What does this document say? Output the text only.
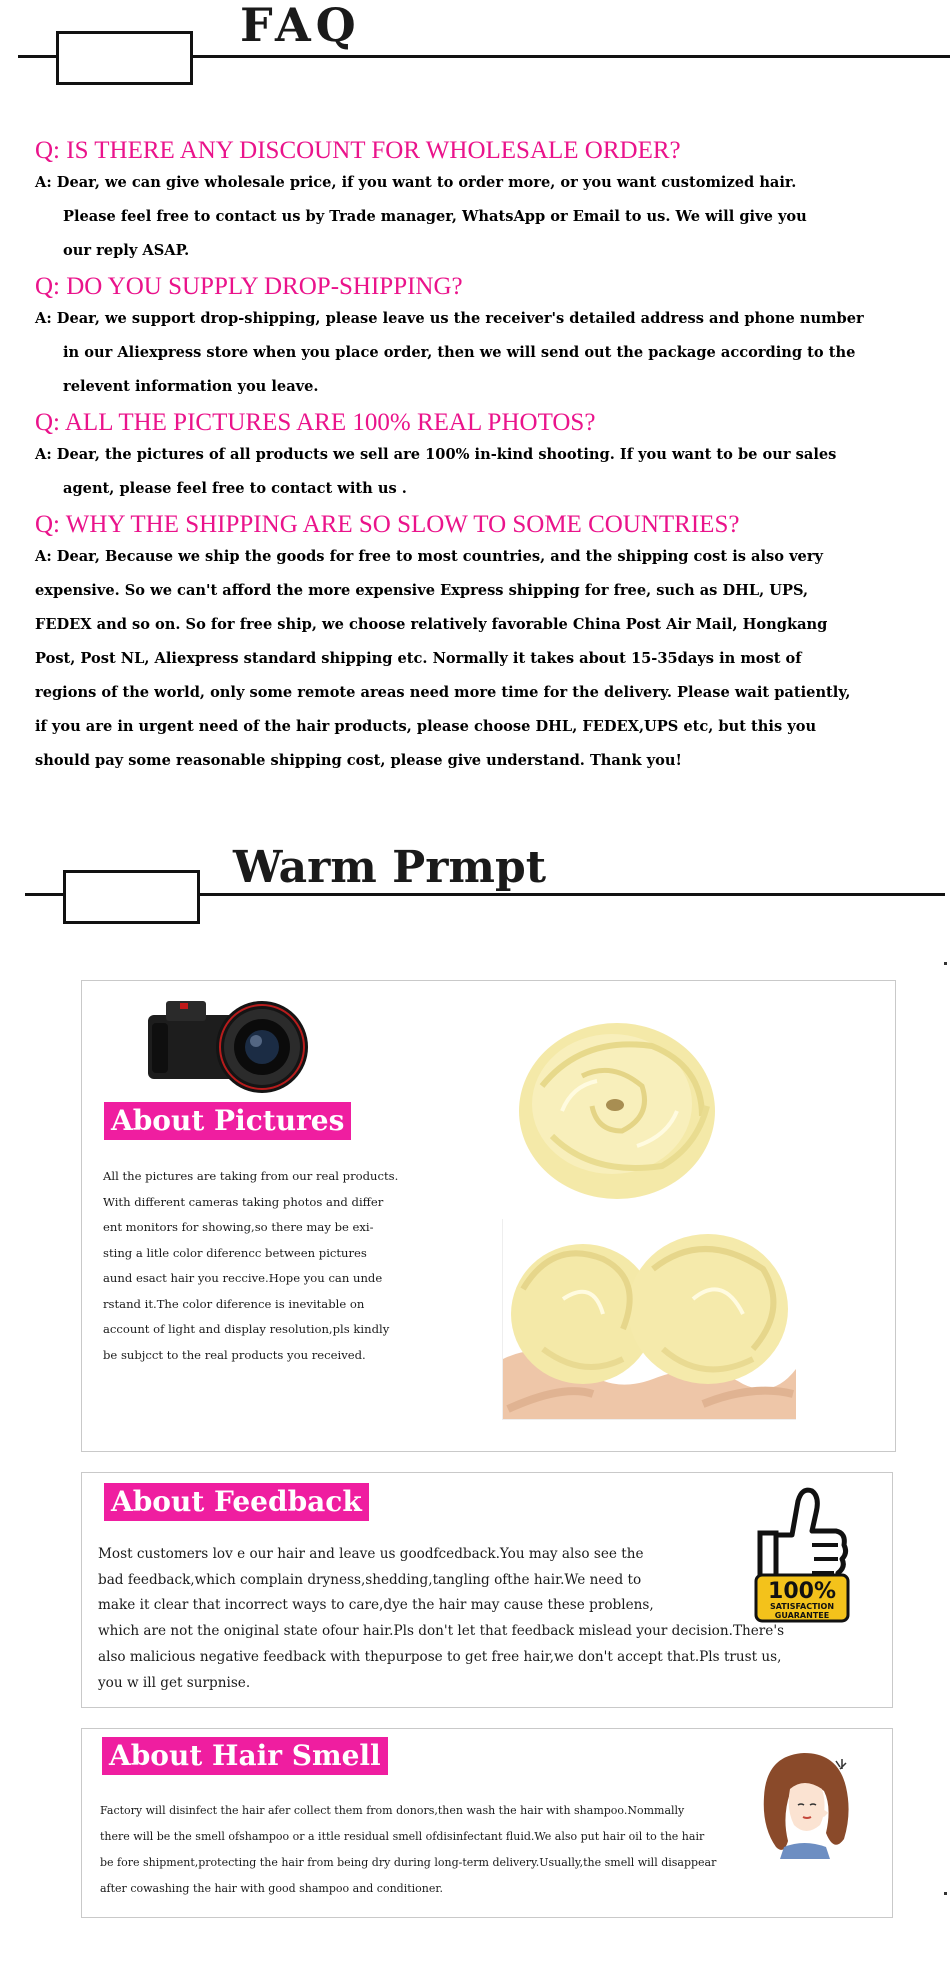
FAQ
Q: IS THERE ANY DISCOUNT FOR WHOLESALE ORDER?
A: Dear, we can give wholesale price, if you want to order more, or you want customized hair.
Please feel free to contact us by Trade manager, WhatsApp or Email to us. We will give you
our reply ASAP.
Q: DO YOU SUPPLY DROP-SHIPPING?
A: Dear, we support drop-shipping, please leave us the receiver's detailed address and phone number
in our Aliexpress store when you place order, then we will send out the package according to the
relevent information you leave.
Q: ALL THE PICTURES ARE 100% REAL PHOTOS?
A: Dear, the pictures of all products we sell are 100% in-kind shooting. If you want to be our sales
agent, please feel free to contact with us .
Q: WHY THE SHIPPING ARE SO SLOW TO SOME COUNTRIES?
A: Dear, Because we ship the goods for free to most countries, and the shipping cost is also very
expensive. So we can't afford the more expensive Express shipping for free, such as DHL, UPS,
FEDEX and so on. So for free ship, we choose relatively favorable China Post Air Mail, Hongkang
Post, Post NL, Aliexpress standard shipping etc. Normally it takes about 15-35days in most of
regions of the world, only some remote areas need more time for the delivery. Please wait patiently,
if you are in urgent need of the hair products, please choose DHL, FEDEX,UPS etc, but this you
should pay some reasonable shipping cost, please give understand. Thank you!
Warm Prmpt
About Pictures
All the pictures are taking from our real products.
With different cameras taking photos and differ
ent monitors for showing,so there may be exi-
sting a litle color diferencc between pictures
aund esact hair you reccive.Hope you can unde
rstand it.The color diference is inevitable on
account of light and display resolution,pls kindly
be subjcct to the real products you received.
About Feedback
Most customers lov e our hair and leave us goodfcedback.You may also see the
bad feedback,which complain dryness,shedding,tangling ofthe hair.We need to
make it clear that incorrect ways to care,dye the hair may cause these problens,
which are not the oniginal state ofour hair.Pls don't let that feedback mislead your decision.There's
also malicious negative feedback with thepurpose to get free hair,we don't accept that.Pls trust us,
you w ill get surpnise.
100%
SATISFACTION
GUARANTEE
About Hair Smell
Factory will disinfect the hair afer collect them from donors,then wash the hair with shampoo.Nommally
there will be the smell ofshampoo or a ittle residual smell ofdisinfectant fluid.We also put hair oil to the hair
be fore shipment,protecting the hair from being dry during long-term delivery.Usually,the smell will disappear
after cowashing the hair with good shampoo and conditioner.
